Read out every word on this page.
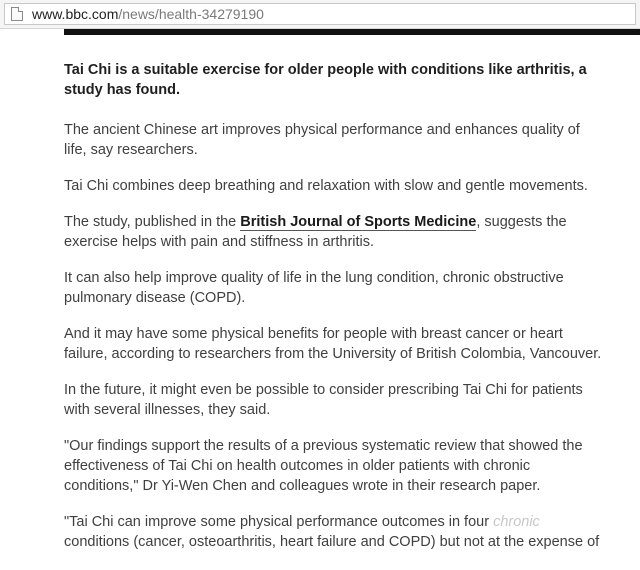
www.bbc.com/news/health-34279190

Tai Chi is a suitable exercise for older people with conditions like arthritis, a study has found.

The ancient Chinese art improves physical performance and enhances quality of life, say researchers.

Tai Chi combines deep breathing and relaxation with slow and gentle movements.

The study, published in the British Journal of Sports Medicine, suggests the exercise helps with pain and stiffness in arthritis.

It can also help improve quality of life in the lung condition, chronic obstructive pulmonary disease (COPD).

And it may have some physical benefits for people with breast cancer or heart failure, according to researchers from the University of British Colombia, Vancouver.

In the future, it might even be possible to consider prescribing Tai Chi for patients with several illnesses, they said.

"Our findings support the results of a previous systematic review that showed the effectiveness of Tai Chi on health outcomes in older patients with chronic conditions," Dr Yi-Wen Chen and colleagues wrote in their research paper.

"Tai Chi can improve some physical performance outcomes in four chronic conditions (cancer, osteoarthritis, heart failure and COPD) but not at the expense of
